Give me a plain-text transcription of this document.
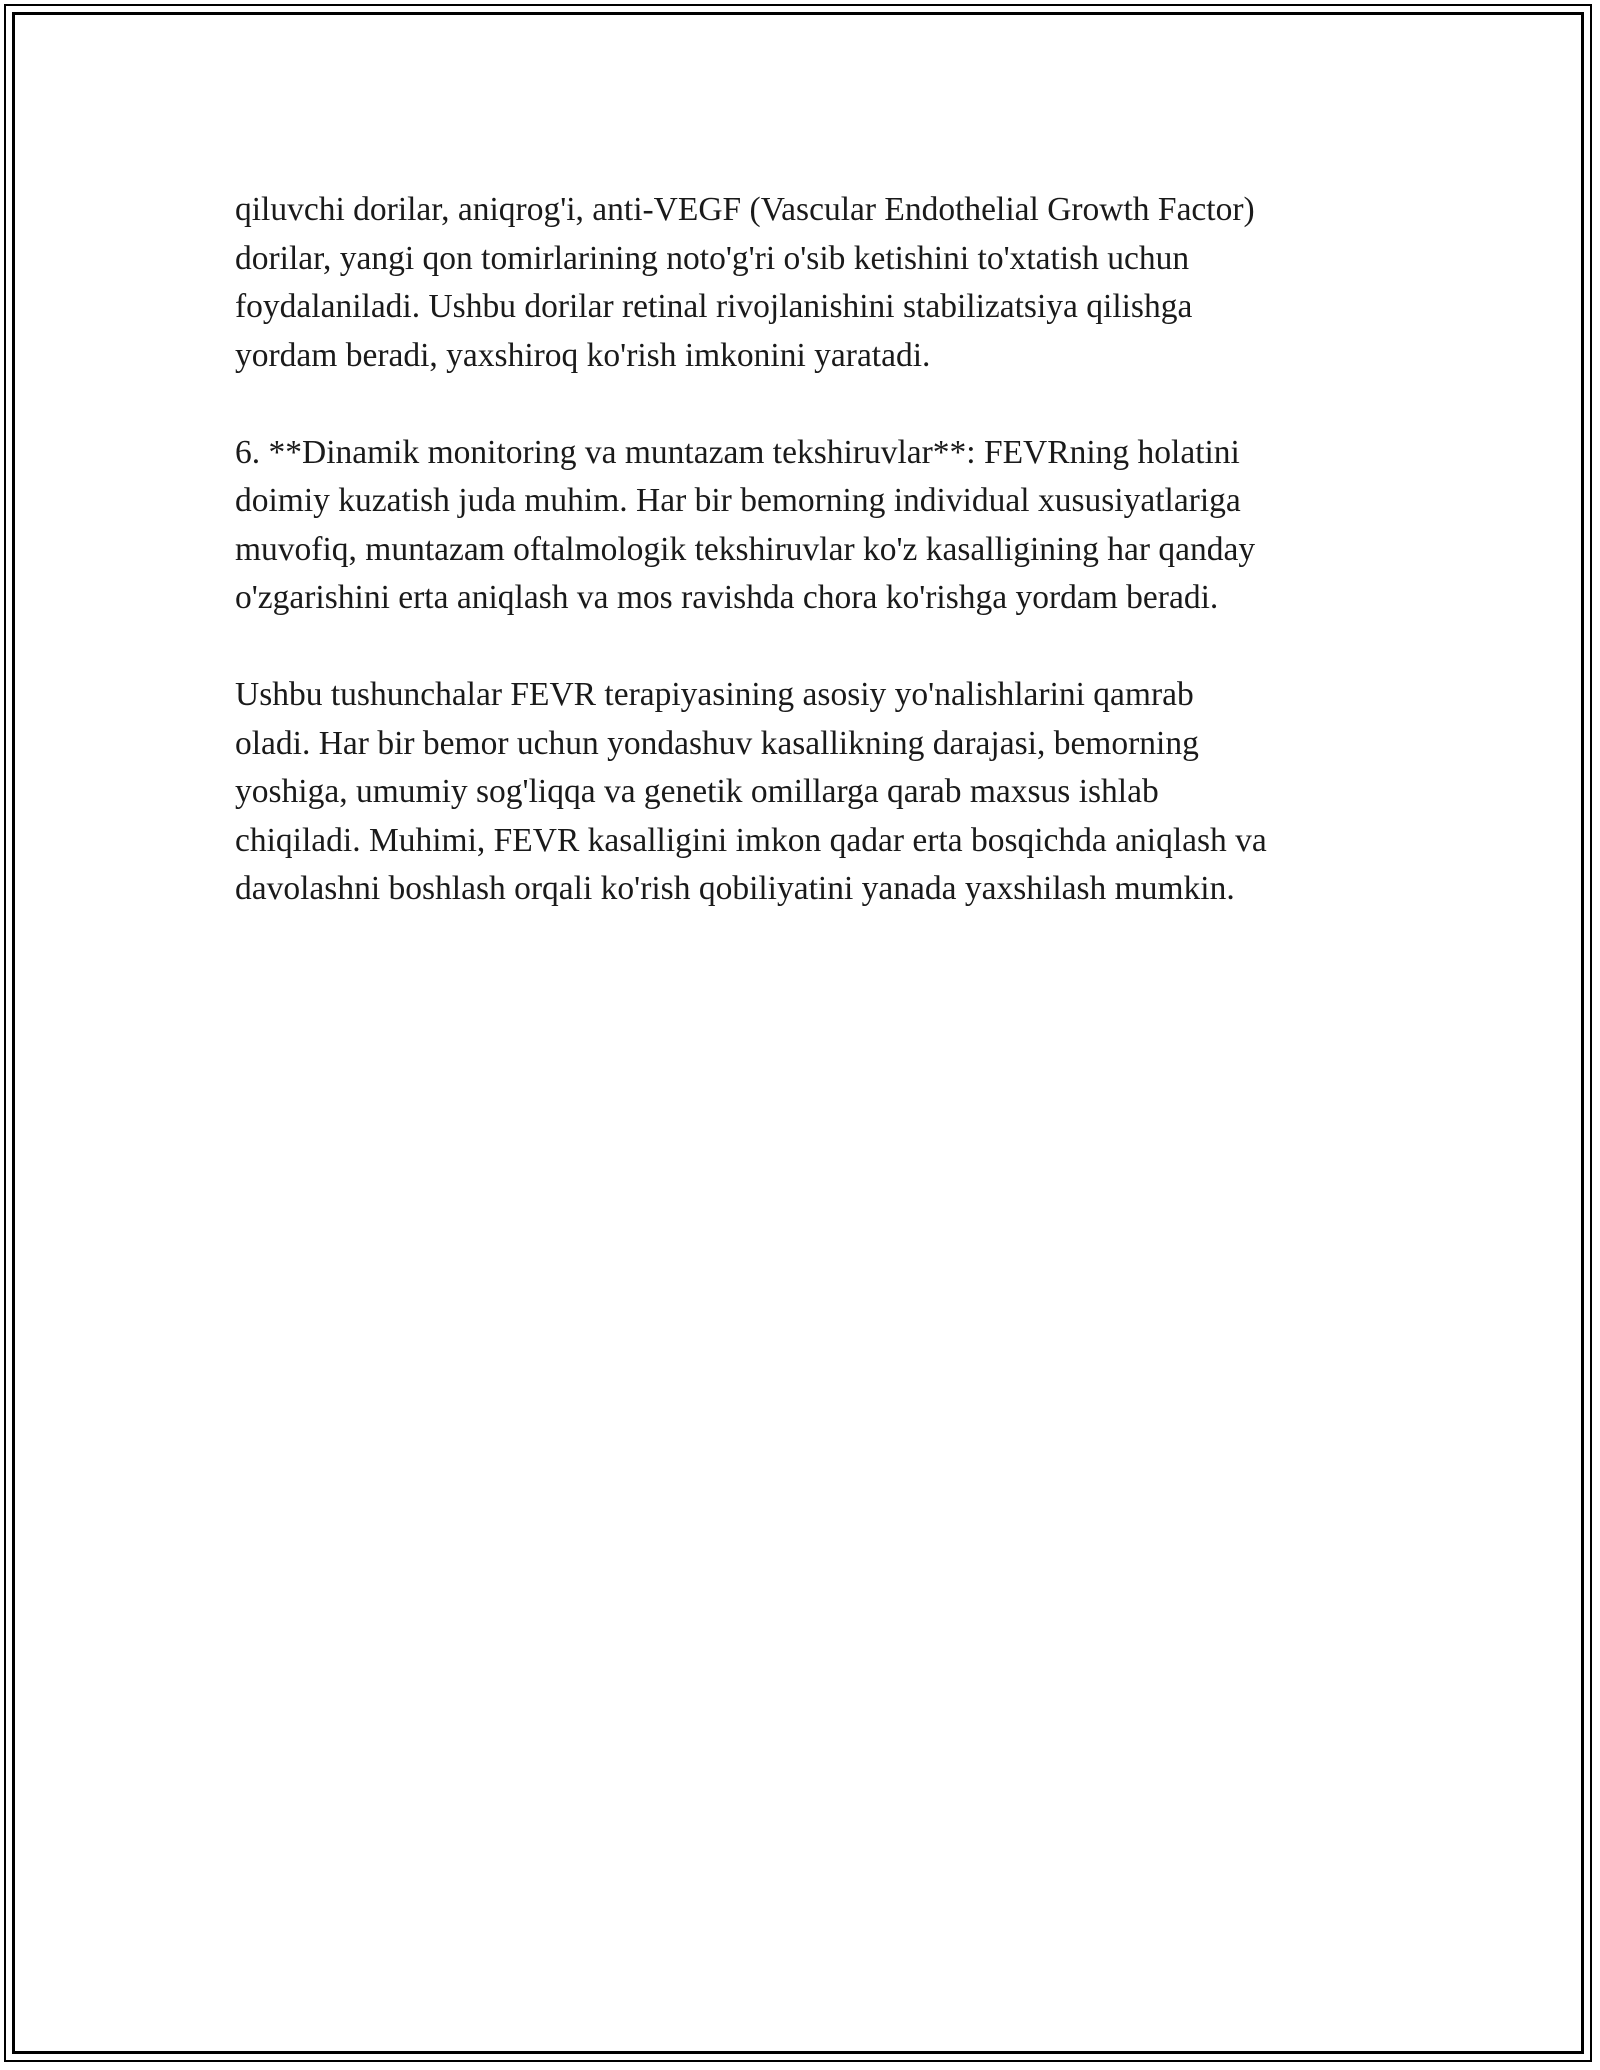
qiluvchi dorilar, aniqrog'i, anti-VEGF (Vascular Endothelial Growth Factor)
dorilar, yangi qon tomirlarining noto'g'ri o'sib ketishini to'xtatish uchun
foydalaniladi. Ushbu dorilar retinal rivojlanishini stabilizatsiya qilishga
yordam beradi, yaxshiroq ko'rish imkonini yaratadi.

6. **Dinamik monitoring va muntazam tekshiruvlar**: FEVRning holatini
doimiy kuzatish juda muhim. Har bir bemorning individual xususiyatlariga
muvofiq, muntazam oftalmologik tekshiruvlar ko'z kasalligining har qanday
o'zgarishini erta aniqlash va mos ravishda chora ko'rishga yordam beradi.

Ushbu tushunchalar FEVR terapiyasining asosiy yo'nalishlarini qamrab
oladi. Har bir bemor uchun yondashuv kasallikning darajasi, bemorning
yoshiga, umumiy sog'liqqa va genetik omillarga qarab maxsus ishlab
chiqiladi. Muhimi, FEVR kasalligini imkon qadar erta bosqichda aniqlash va
davolashni boshlash orqali ko'rish qobiliyatini yanada yaxshilash mumkin.
